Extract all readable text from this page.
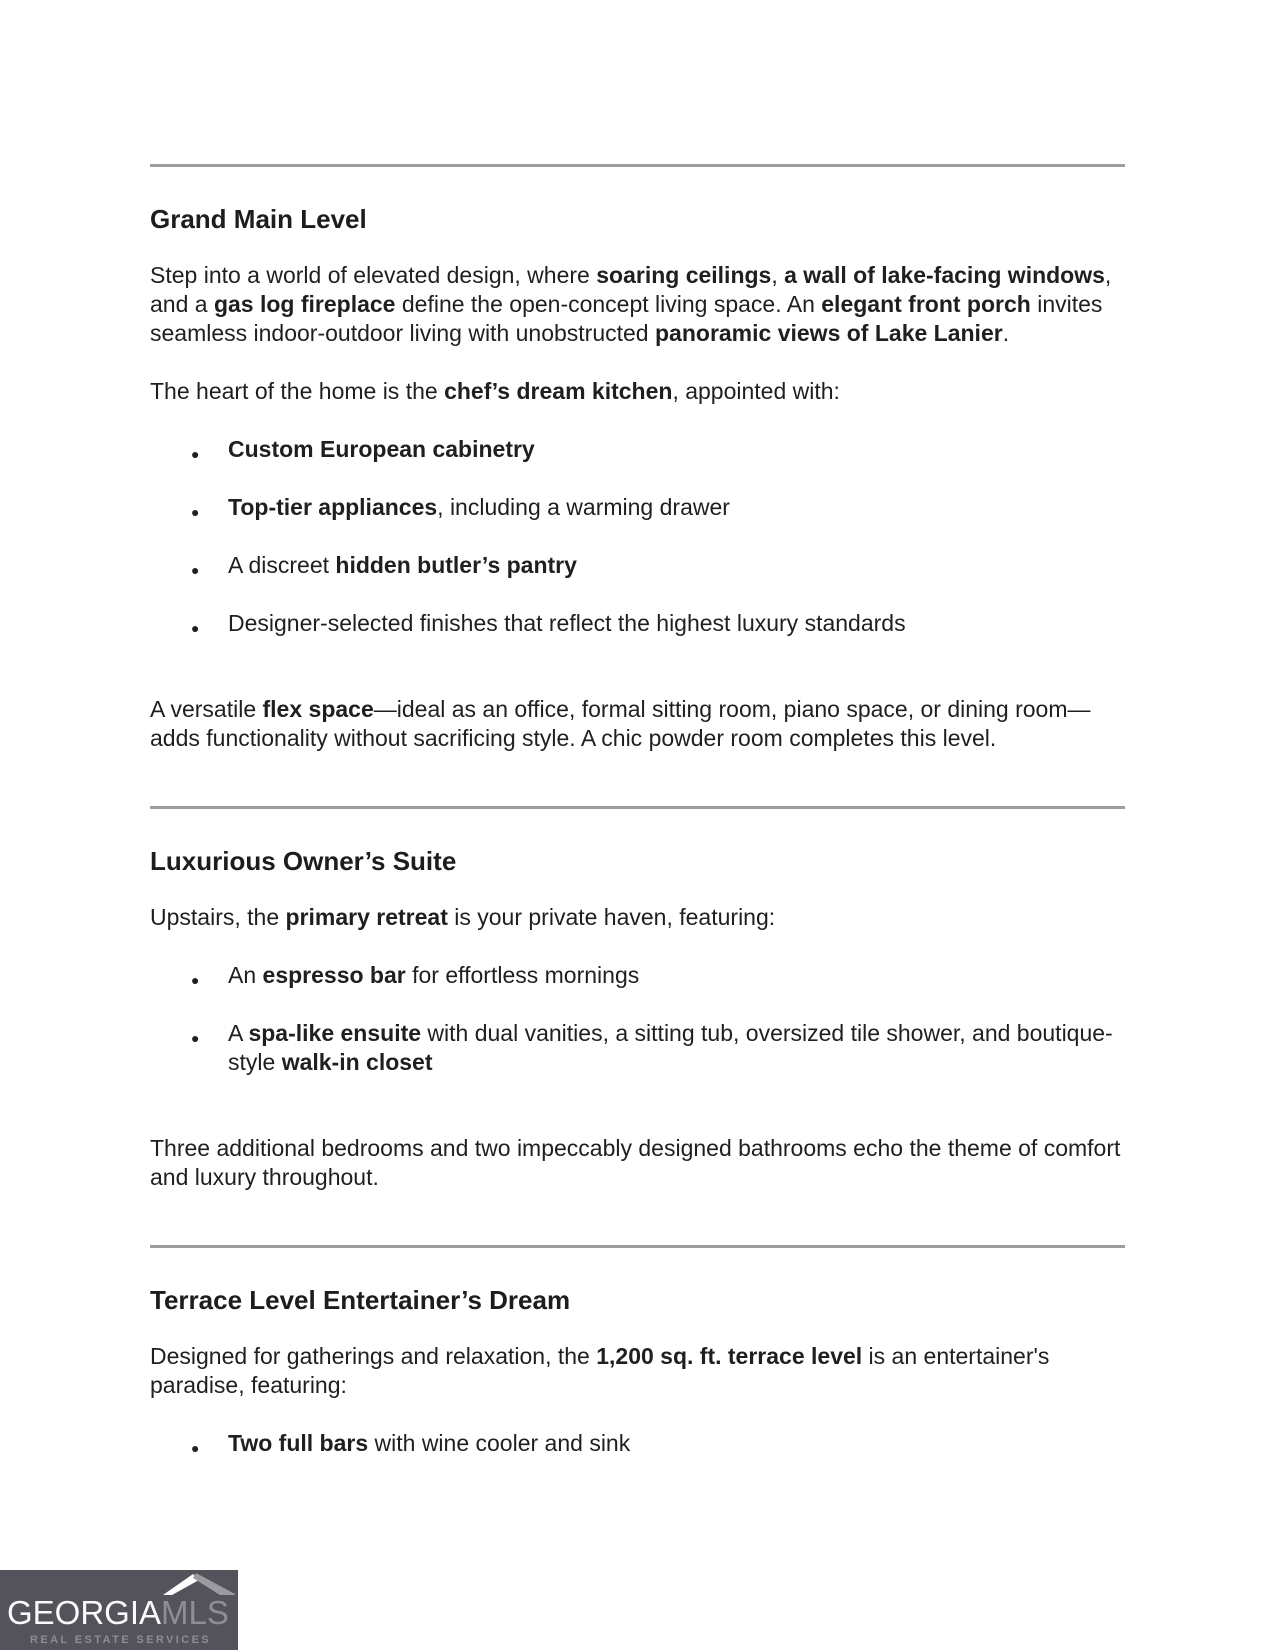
Grand Main Level

Step into a world of elevated design, where soaring ceilings, a wall of lake-facing windows, and a gas log fireplace define the open-concept living space. An elegant front porch invites seamless indoor-outdoor living with unobstructed panoramic views of Lake Lanier.

The heart of the home is the chef’s dream kitchen, appointed with:

● Custom European cabinetry
● Top-tier appliances, including a warming drawer
● A discreet hidden butler’s pantry
● Designer-selected finishes that reflect the highest luxury standards

A versatile flex space—ideal as an office, formal sitting room, piano space, or dining room—adds functionality without sacrificing style. A chic powder room completes this level.

Luxurious Owner’s Suite

Upstairs, the primary retreat is your private haven, featuring:

● An espresso bar for effortless mornings
● A spa-like ensuite with dual vanities, a sitting tub, oversized tile shower, and boutique-style walk-in closet

Three additional bedrooms and two impeccably designed bathrooms echo the theme of comfort and luxury throughout.

Terrace Level Entertainer’s Dream

Designed for gatherings and relaxation, the 1,200 sq. ft. terrace level is an entertainer's paradise, featuring:

● Two full bars with wine cooler and sink
GEORGIAMLS
REAL ESTATE SERVICES
